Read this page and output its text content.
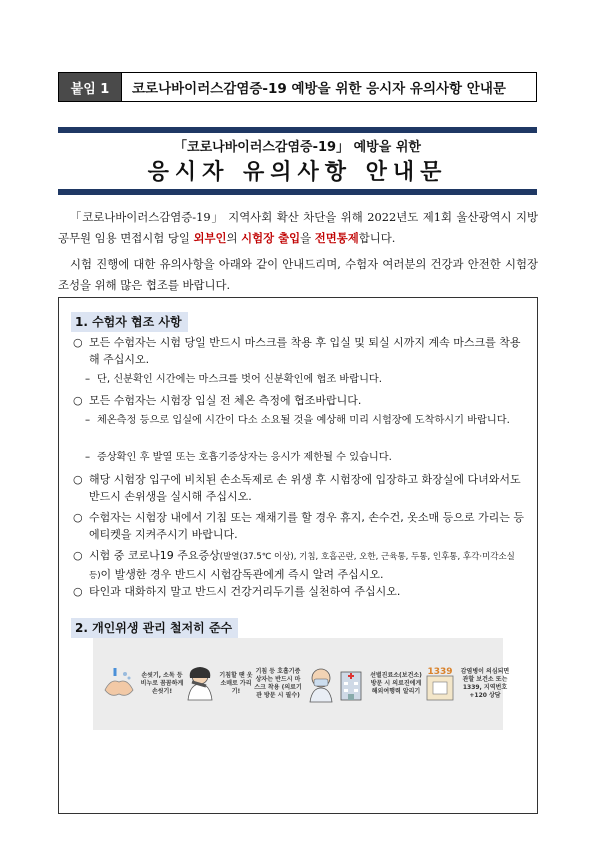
붙임 1	코로나바이러스감염증-19 예방을 위한 응시자 유의사항 안내문
「코로나바이러스감염증-19」 예방을 위한
응시자 유의사항 안내문
「코로나바이러스감염증-19」 지역사회 확산 차단을 위해 2022년도 제1회 울산광역시 지방공무원 임용 면접시험 당일 외부인의 시험장 출입을 전면통제합니다.
시험 진행에 대한 유의사항을 아래와 같이 안내드리며, 수험자 여러분의 건강과 안전한 시험장 조성을 위해 많은 협조를 바랍니다.
1. 수험자 협조 사항
○ 모든 수험자는 시험 당일 반드시 마스크를 착용 후 입실 및 퇴실 시까지 계속 마스크를 착용해 주십시오.
– 단, 신분확인 시간에는 마스크를 벗어 신분확인에 협조 바랍니다.
○ 모든 수험자는 시험장 입실 전 체온 측정에 협조바랍니다.
– 체온측정 등으로 입실에 시간이 다소 소요될 것을 예상해 미리 시험장에 도착하시기 바랍니다.
– 증상확인 후 발열 또는 호흡기증상자는 응시가 제한될 수 있습니다.
○ 해당 시험장 입구에 비치된 손소독제로 손 위생 후 시험장에 입장하고 화장실에 다녀와서도 반드시 손위생을 실시해 주십시오.
○ 수험자는 시험장 내에서 기침 또는 재채기를 할 경우 휴지, 손수건, 옷소매 등으로 가리는 등 에티켓을 지켜주시기 바랍니다.
○ 시험 중 코로나19 주요증상(발열(37.5℃ 이상), 기침, 호흡곤란, 오한, 근육통, 두통, 인후통, 후각·미각소실 등)이 발생한 경우 반드시 시험감독관에게 즉시 알려 주십시오.
○ 타인과 대화하지 말고 반드시 건강거리두기를 실천하여 주십시오.
2. 개인위생 관리 철저히 준수
손씻기, 소독 등 비누로 꼼꼼하게 손씻기!
기침할 땐 옷소매로 가리기!
기침 등 호흡기증상자는 반드시 마스크 착용 (의료기관 방문 시 필수)
선별진료소(보건소) 방문 시 의료진에게 해외여행력 알리기
1339 감염병이 의심되면 관할 보건소 또는 1339, 지역번호+120 상담
